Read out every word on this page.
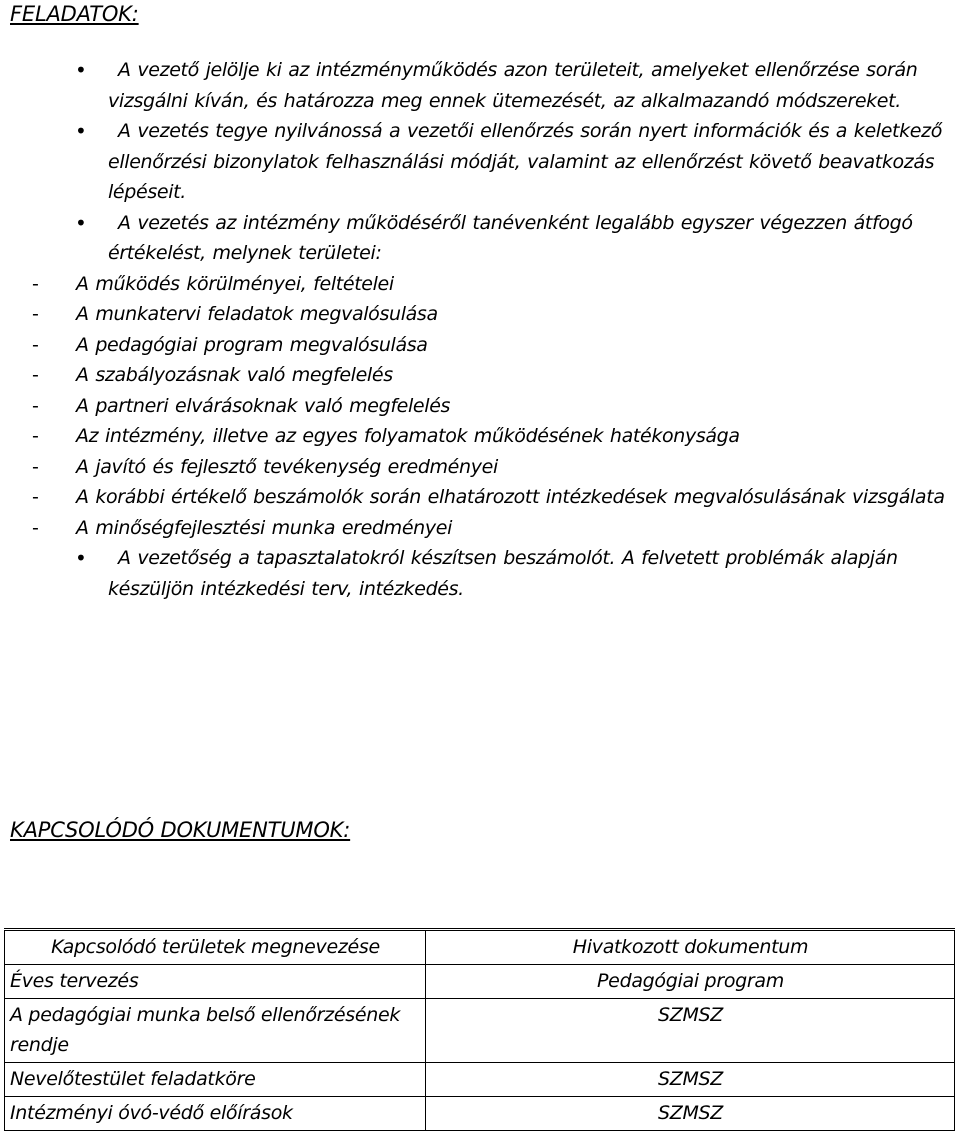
FELADATOK:
• A vezető jelölje ki az intézményműködés azon területeit, amelyeket ellenőrzése során vizsgálni kíván, és határozza meg ennek ütemezését, az alkalmazandó módszereket.
• A vezetés tegye nyilvánossá a vezetői ellenőrzés során nyert információk és a keletkező ellenőrzési bizonylatok felhasználási módját, valamint az ellenőrzést követő beavatkozás lépéseit.
• A vezetés az intézmény működéséről tanévenként legalább egyszer végezzen átfogó értékelést, melynek területei:
- A működés körülményei, feltételei
- A munkatervi feladatok megvalósulása
- A pedagógiai program megvalósulása
- A szabályozásnak való megfelelés
- A partneri elvárásoknak való megfelelés
- Az intézmény, illetve az egyes folyamatok működésének hatékonysága
- A javító és fejlesztő tevékenység eredményei
- A korábbi értékelő beszámolók során elhatározott intézkedések megvalósulásának vizsgálata
- A minőségfejlesztési munka eredményei
• A vezetőség a tapasztalatokról készítsen beszámolót. A felvetett problémák alapján készüljön intézkedési terv, intézkedés.
KAPCSOLÓDÓ DOKUMENTUMOK:
Kapcsolódó területek megnevezése	Hivatkozott dokumentum
Éves tervezés	Pedagógiai program
A pedagógiai munka belső ellenőrzésének rendje	SZMSZ
Nevelőtestület feladatköre	SZMSZ
Intézményi óvó-védő előírások	SZMSZ
